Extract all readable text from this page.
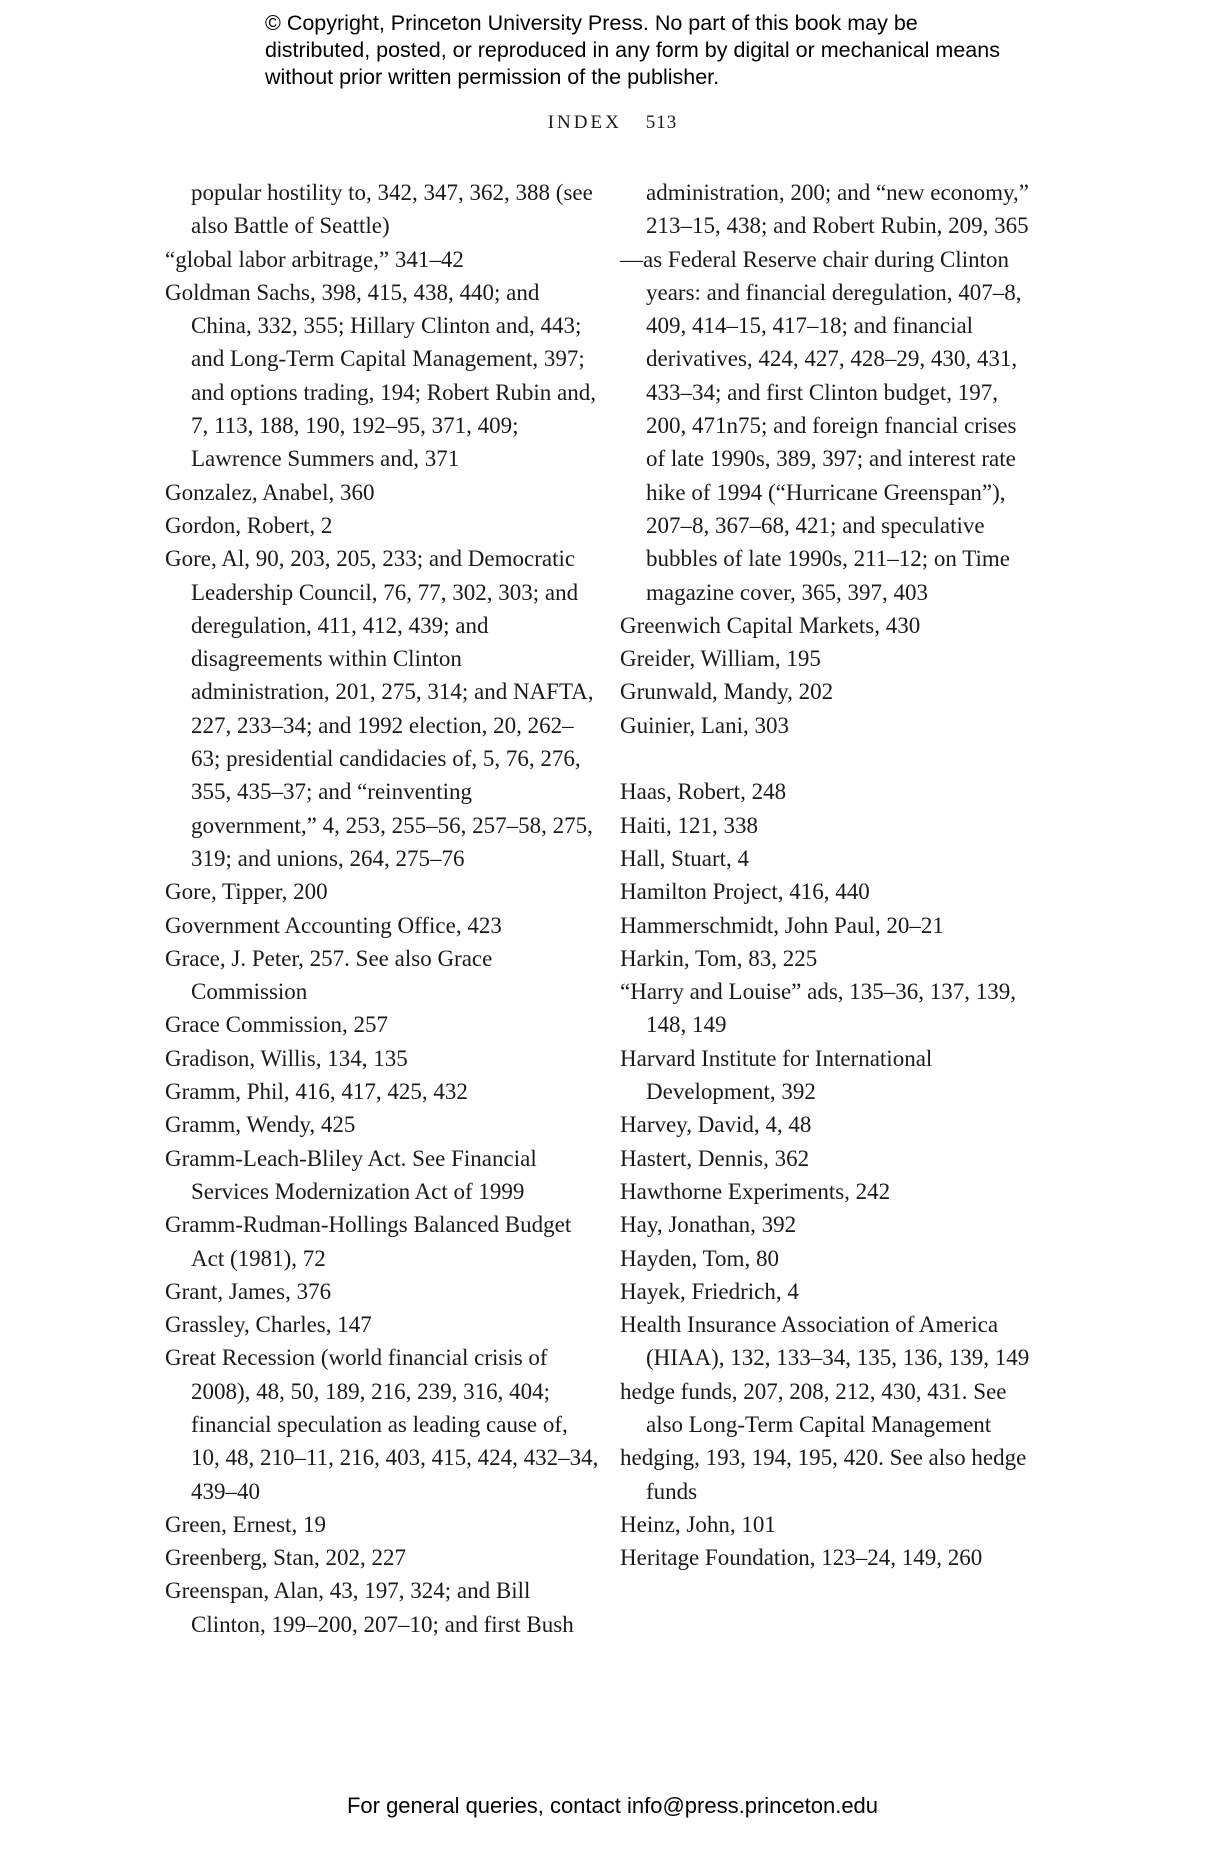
© Copyright, Princeton University Press. No part of this book may be distributed, posted, or reproduced in any form by digital or mechanical means without prior written permission of the publisher.
INDEX 513
popular hostility to, 342, 347, 362, 388 (see also Battle of Seattle)
“global labor arbitrage,” 341–42
Goldman Sachs, 398, 415, 438, 440; and China, 332, 355; Hillary Clinton and, 443; and Long-Term Capital Management, 397; and options trading, 194; Robert Rubin and, 7, 113, 188, 190, 192–95, 371, 409; Lawrence Summers and, 371
Gonzalez, Anabel, 360
Gordon, Robert, 2
Gore, Al, 90, 203, 205, 233; and Democratic Leadership Council, 76, 77, 302, 303; and deregulation, 411, 412, 439; and disagreements within Clinton administration, 201, 275, 314; and NAFTA, 227, 233–34; and 1992 election, 20, 262–63; presidential candidacies of, 5, 76, 276, 355, 435–37; and “reinventing government,” 4, 253, 255–56, 257–58, 275, 319; and unions, 264, 275–76
Gore, Tipper, 200
Government Accounting Office, 423
Grace, J. Peter, 257. See also Grace Commission
Grace Commission, 257
Gradison, Willis, 134, 135
Gramm, Phil, 416, 417, 425, 432
Gramm, Wendy, 425
Gramm-Leach-Bliley Act. See Financial Services Modernization Act of 1999
Gramm-Rudman-Hollings Balanced Budget Act (1981), 72
Grant, James, 376
Grassley, Charles, 147
Great Recession (world financial crisis of 2008), 48, 50, 189, 216, 239, 316, 404; financial speculation as leading cause of, 10, 48, 210–11, 216, 403, 415, 424, 432–34, 439–40
Green, Ernest, 19
Greenberg, Stan, 202, 227
Greenspan, Alan, 43, 197, 324; and Bill Clinton, 199–200, 207–10; and first Bush
administration, 200; and “new economy,” 213–15, 438; and Robert Rubin, 209, 365
—as Federal Reserve chair during Clinton years: and financial deregulation, 407–8, 409, 414–15, 417–18; and financial derivatives, 424, 427, 428–29, 430, 431, 433–34; and first Clinton budget, 197, 200, 471n75; and foreign fnancial crises of late 1990s, 389, 397; and interest rate hike of 1994 (“Hurricane Greenspan”), 207–8, 367–68, 421; and speculative bubbles of late 1990s, 211–12; on Time magazine cover, 365, 397, 403
Greenwich Capital Markets, 430
Greider, William, 195
Grunwald, Mandy, 202
Guinier, Lani, 303
Haas, Robert, 248
Haiti, 121, 338
Hall, Stuart, 4
Hamilton Project, 416, 440
Hammerschmidt, John Paul, 20–21
Harkin, Tom, 83, 225
“Harry and Louise” ads, 135–36, 137, 139, 148, 149
Harvard Institute for International Development, 392
Harvey, David, 4, 48
Hastert, Dennis, 362
Hawthorne Experiments, 242
Hay, Jonathan, 392
Hayden, Tom, 80
Hayek, Friedrich, 4
Health Insurance Association of America (HIAA), 132, 133–34, 135, 136, 139, 149
hedge funds, 207, 208, 212, 430, 431. See also Long-Term Capital Management
hedging, 193, 194, 195, 420. See also hedge funds
Heinz, John, 101
Heritage Foundation, 123–24, 149, 260
For general queries, contact info@press.princeton.edu
